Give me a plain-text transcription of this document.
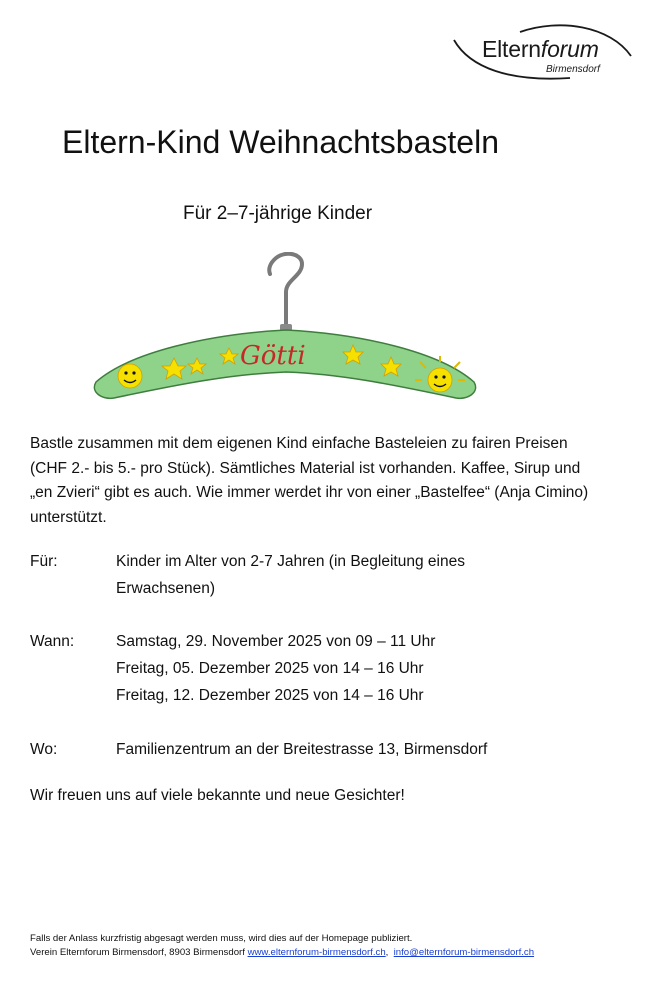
Elternforum
Birmensdorf
Eltern-Kind Weihnachtsbasteln

Für 2–7-jährige Kinder

Götti

Bastle zusammen mit dem eigenen Kind einfache Basteleien zu fairen Preisen (CHF 2.- bis 5.- pro Stück). Sämtliches Material ist vorhanden. Kaffee, Sirup und „en Zvieri“ gibt es auch. Wie immer werdet ihr von einer „Bastelfee“ (Anja Cimino) unterstützt.

Für:	Kinder im Alter von 2-7 Jahren (in Begleitung eines
Erwachsenen)
Wann:	Samstag, 29. November 2025 von 09 – 11 Uhr
Freitag, 05. Dezember 2025 von 14 – 16 Uhr
Freitag, 12. Dezember 2025 von 14 – 16 Uhr
Wo:	Familienzentrum an der Breitestrasse 13, Birmensdorf

Wir freuen uns auf viele bekannte und neue Gesichter!

Falls der Anlass kurzfristig abgesagt werden muss, wird dies auf der Homepage publiziert.
Verein Elternforum Birmensdorf, 8903 Birmensdorf www.elternforum-birmensdorf.ch, info@elternforum-birmensdorf.ch
